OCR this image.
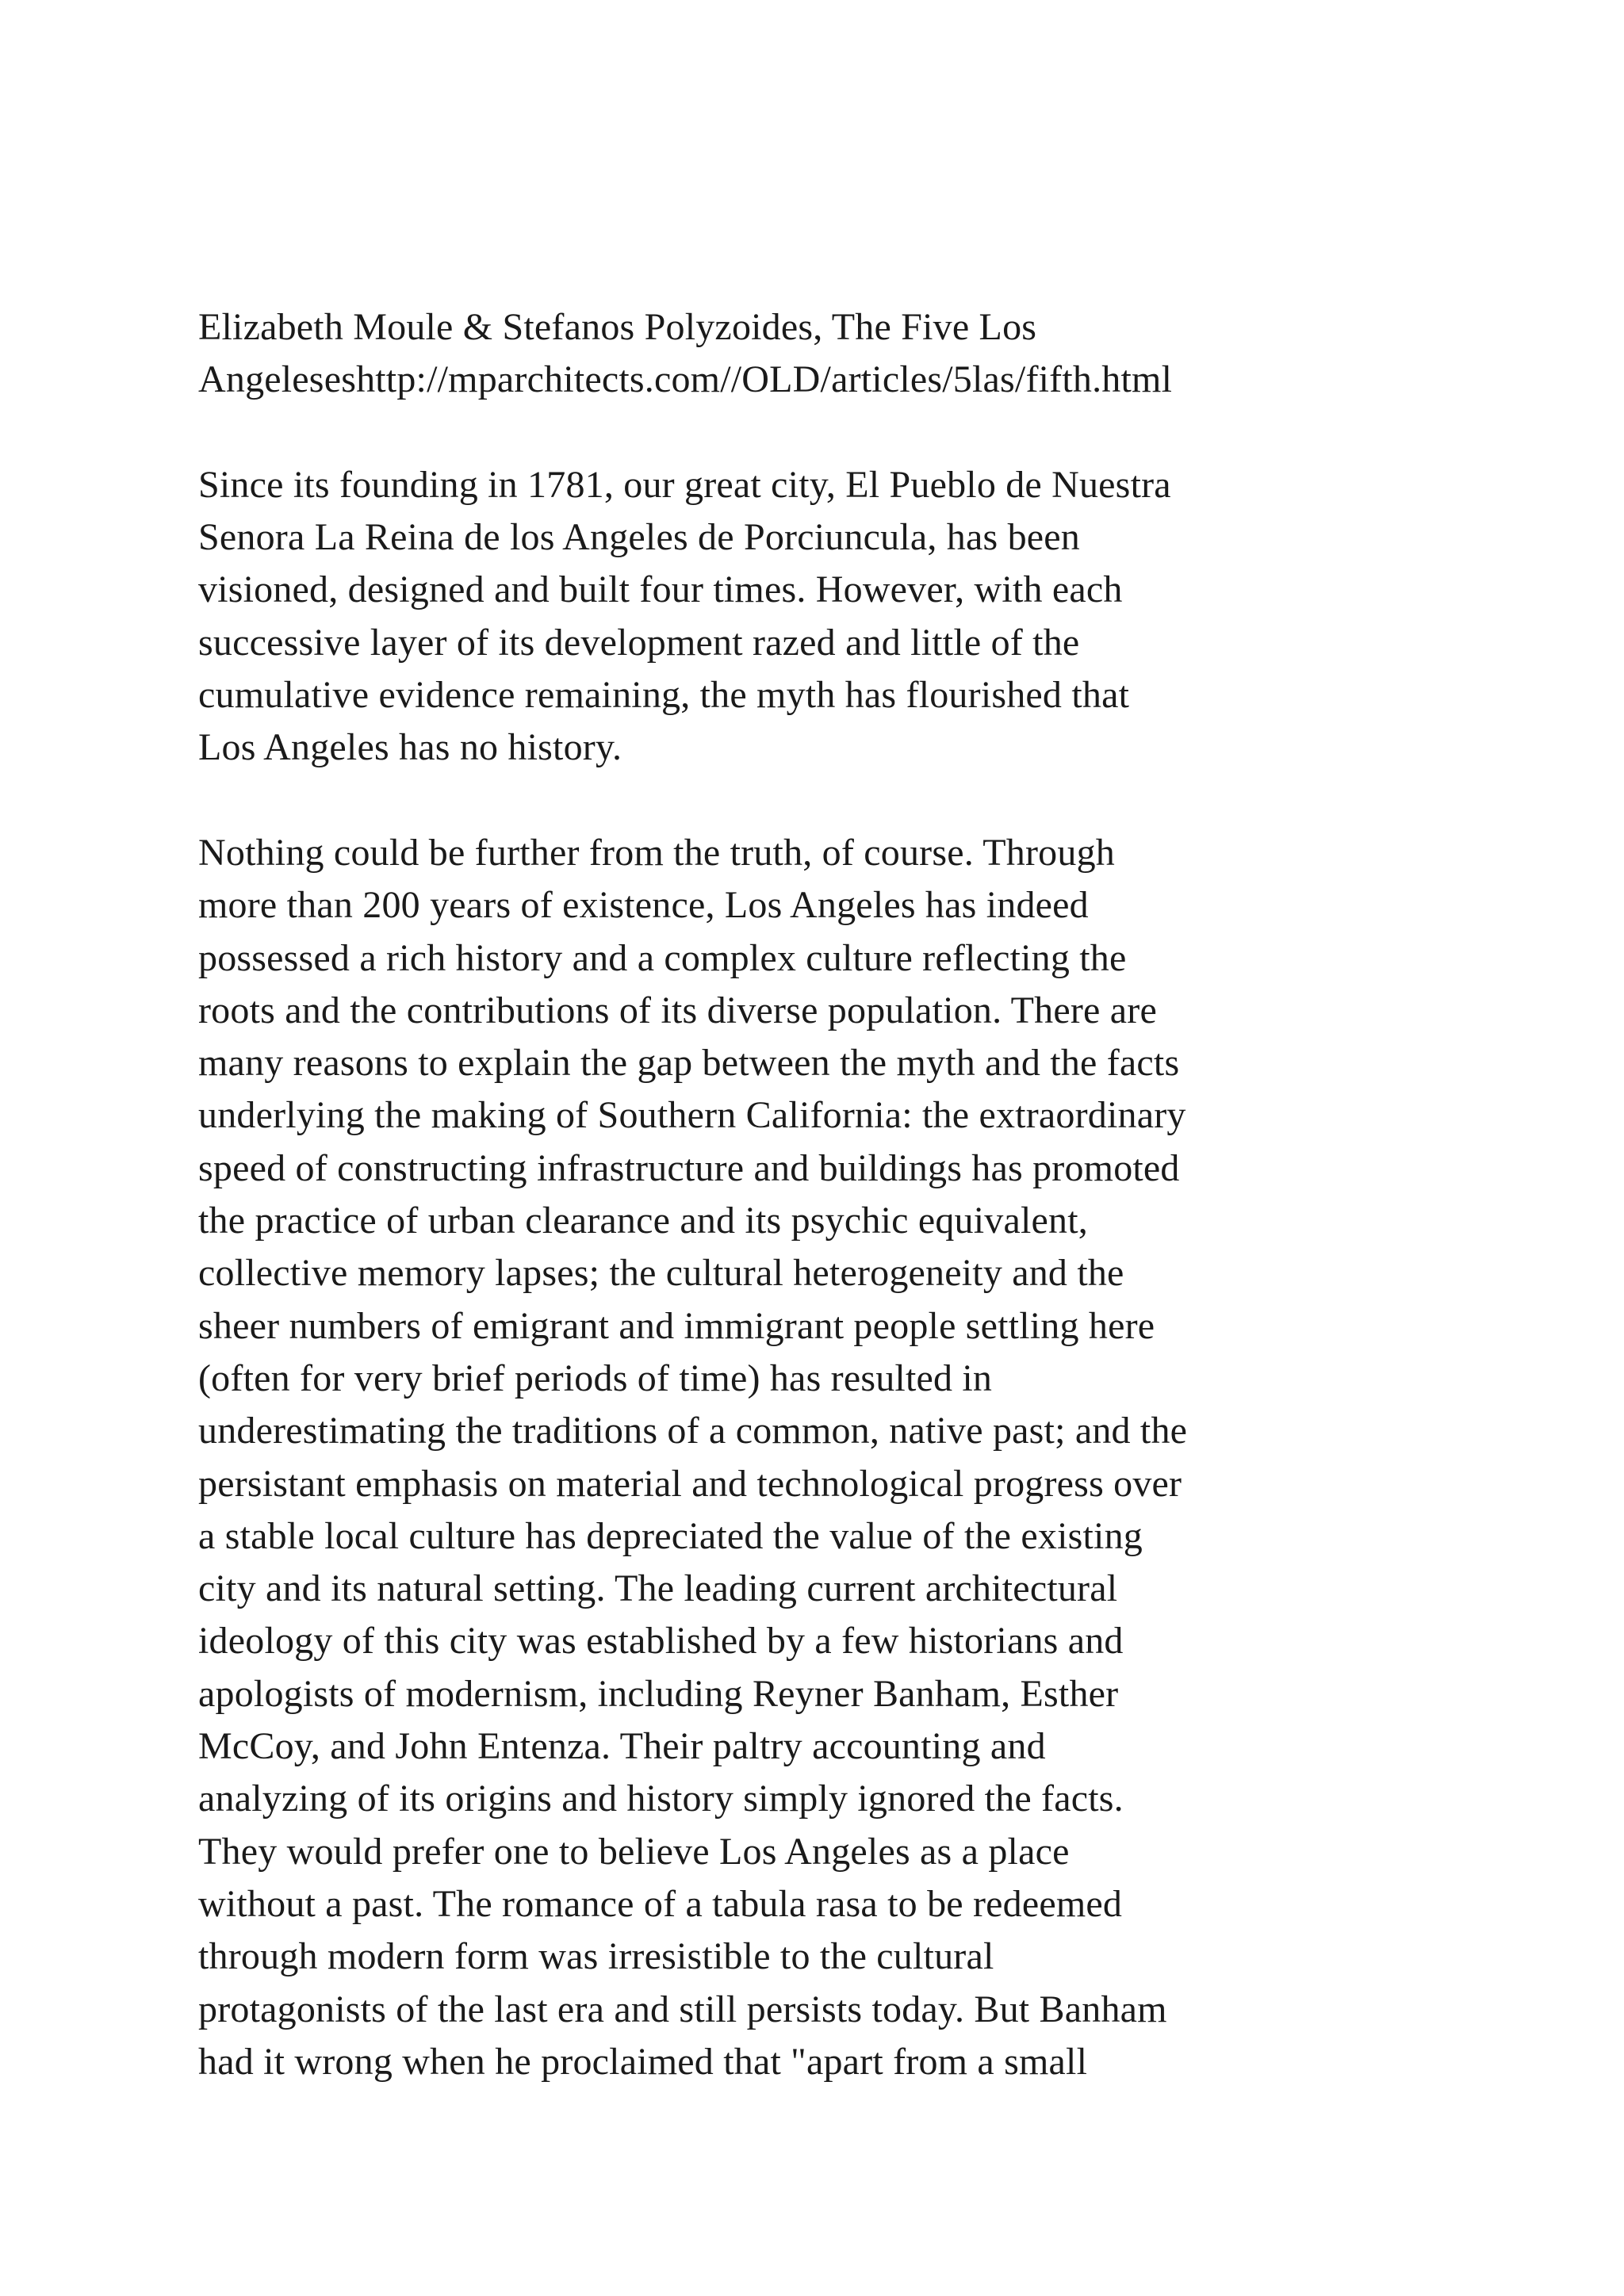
Elizabeth Moule & Stefanos Polyzoides, The Five Los
Angeleseshttp://mparchitects.com//OLD/articles/5las/fifth.html
Since its founding in 1781, our great city, El Pueblo de Nuestra
Senora La Reina de los Angeles de Porciuncula, has been
visioned, designed and built four times. However, with each
successive layer of its development razed and little of the
cumulative evidence remaining, the myth has flourished that
Los Angeles has no history.
Nothing could be further from the truth, of course. Through
more than 200 years of existence, Los Angeles has indeed
possessed a rich history and a complex culture reflecting the
roots and the contributions of its diverse population. There are
many reasons to explain the gap between the myth and the facts
underlying the making of Southern California: the extraordinary
speed of constructing infrastructure and buildings has promoted
the practice of urban clearance and its psychic equivalent,
collective memory lapses; the cultural heterogeneity and the
sheer numbers of emigrant and immigrant people settling here
(often for very brief periods of time) has resulted in
underestimating the traditions of a common, native past; and the
persistant emphasis on material and technological progress over
a stable local culture has depreciated the value of the existing
city and its natural setting. The leading current architectural
ideology of this city was established by a few historians and
apologists of modernism, including Reyner Banham, Esther
McCoy, and John Entenza. Their paltry accounting and
analyzing of its origins and history simply ignored the facts.
They would prefer one to believe Los Angeles as a place
without a past. The romance of a tabula rasa to be redeemed
through modern form was irresistible to the cultural
protagonists of the last era and still persists today. But Banham
had it wrong when he proclaimed that "apart from a small
